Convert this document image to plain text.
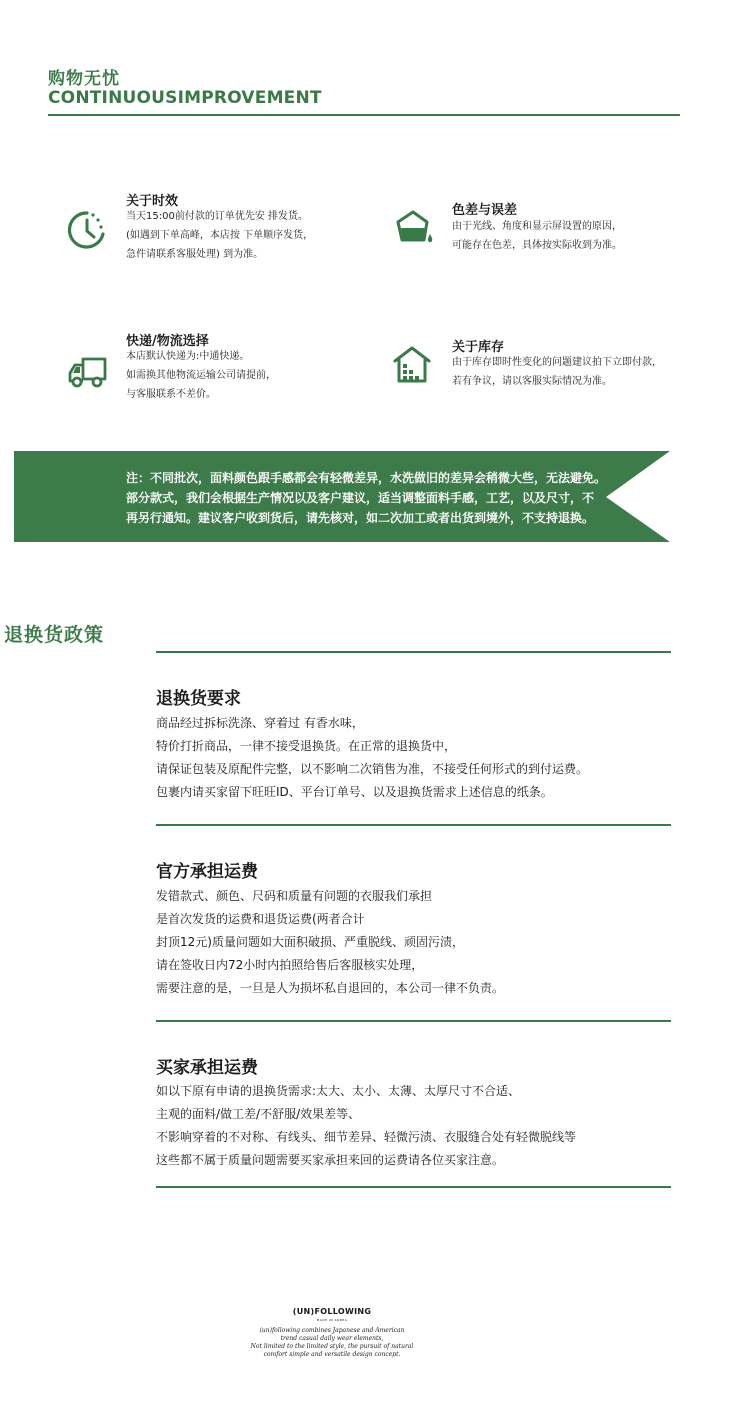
购物无忧
CONTINUOUSIMPROVEMENT
关于时效
当天15:00前付款的订单优先安 排发货。
(如遇到下单高峰，本店按 下单顺序发货，
急件请联系客服处理) 到为准。
色差与误差
由于光线、角度和显示屏设置的原因，
可能存在色差，具体按实际收到为准。
快递/物流选择
本店默认快递为:中通快递。
如需换其他物流运输公司请提前，
与客服联系不差价。
关于库存
由于库存即时性变化的问题建议拍下立即付款，
若有争议，请以客服实际情况为准。
注：不同批次，面料颜色跟手感都会有轻微差异，水洗做旧的差异会稍微大些，无法避免。
部分款式，我们会根据生产情况以及客户建议，适当调整面料手感，工艺，以及尺寸，不
再另行通知。建议客户收到货后，请先核对，如二次加工或者出货到境外，不支持退换。
退换货政策
退换货要求
商品经过拆标洗涤、穿着过 有香水味，
特价打折商品，一律不接受退换货。在正常的退换货中，
请保证包装及原配件完整，以不影响二次销售为准，不接受任何形式的到付运费。
包裹内请买家留下旺旺ID、平台订单号、以及退换货需求上述信息的纸条。
官方承担运费
发错款式、颜色、尺码和质量有问题的衣服我们承担
是首次发货的运费和退货运费(两者合计
封顶12元)质量问题如大面积破损、严重脱线、顽固污渍，
请在签收日内72小时内拍照给售后客服核实处理，
需要注意的是，一旦是人为损坏私自退回的，本公司一律不负责。
买家承担运费
如以下原有申请的退换货需求:太大、太小、太薄、太厚尺寸不合适、
主观的面料/做工差/不舒服/效果差等、
不影响穿着的不对称、有线头、细节差异、轻微污渍、衣服缝合处有轻微脱线等
这些都不属于质量问题需要买家承担来回的运费请各位买家注意。
(UN)FOLLOWING
MADE IN KOREA
(un)following combines Japanese and American
trend casual daily wear elements,
Not limited to the limited style, the pursuit of natural
comfort simple and versatile design concept.
